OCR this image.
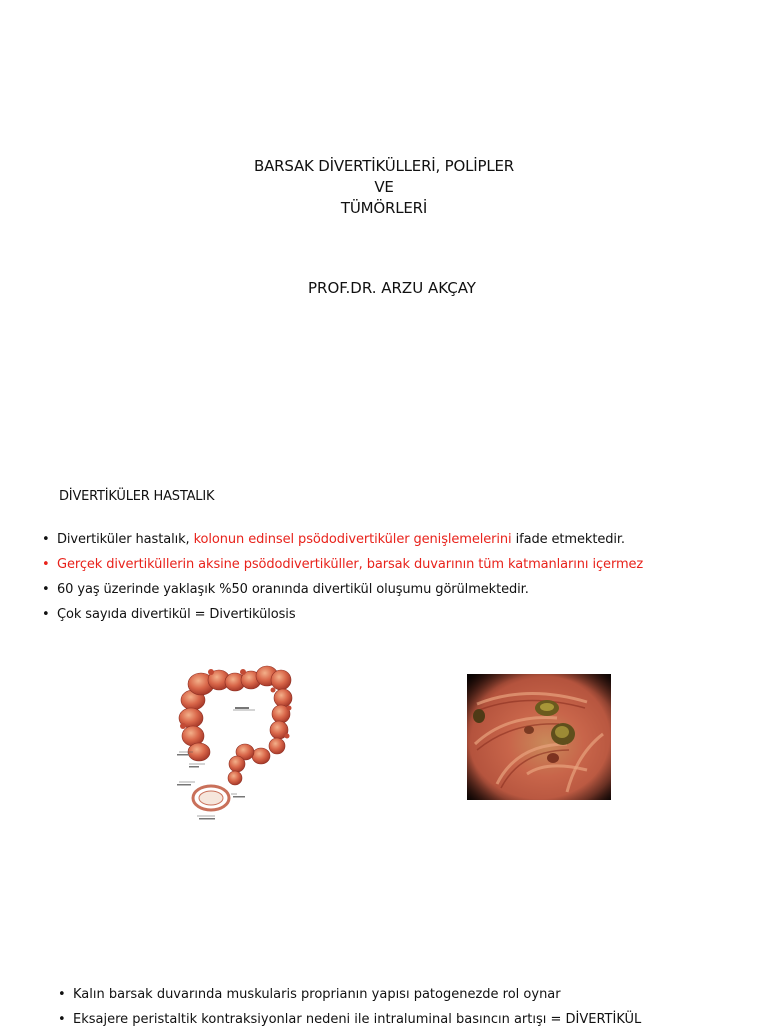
BARSAK DİVERTİKÜLLERİ, POLİPLER
VE
TÜMÖRLERİ
PROF.DR. ARZU AKÇAY
DİVERTİKÜLER HASTALIK
• Divertiküler hastalık, kolonun edinsel psödodivertiküler genişlemelerini ifade etmektedir.
• Gerçek divertiküllerin aksine psödodivertiküller, barsak duvarının tüm katmanlarını içermez
• 60 yaş üzerinde yaklaşık %50 oranında divertikül oluşumu görülmektedir.
• Çok sayıda divertikül = Divertikülosis
• Kalın barsak duvarında muskularis proprianın yapısı patogenezde rol oynar
• Eksajere peristaltik kontraksiyonlar nedeni ile intraluminal basıncın artışı = DİVERTİKÜL
